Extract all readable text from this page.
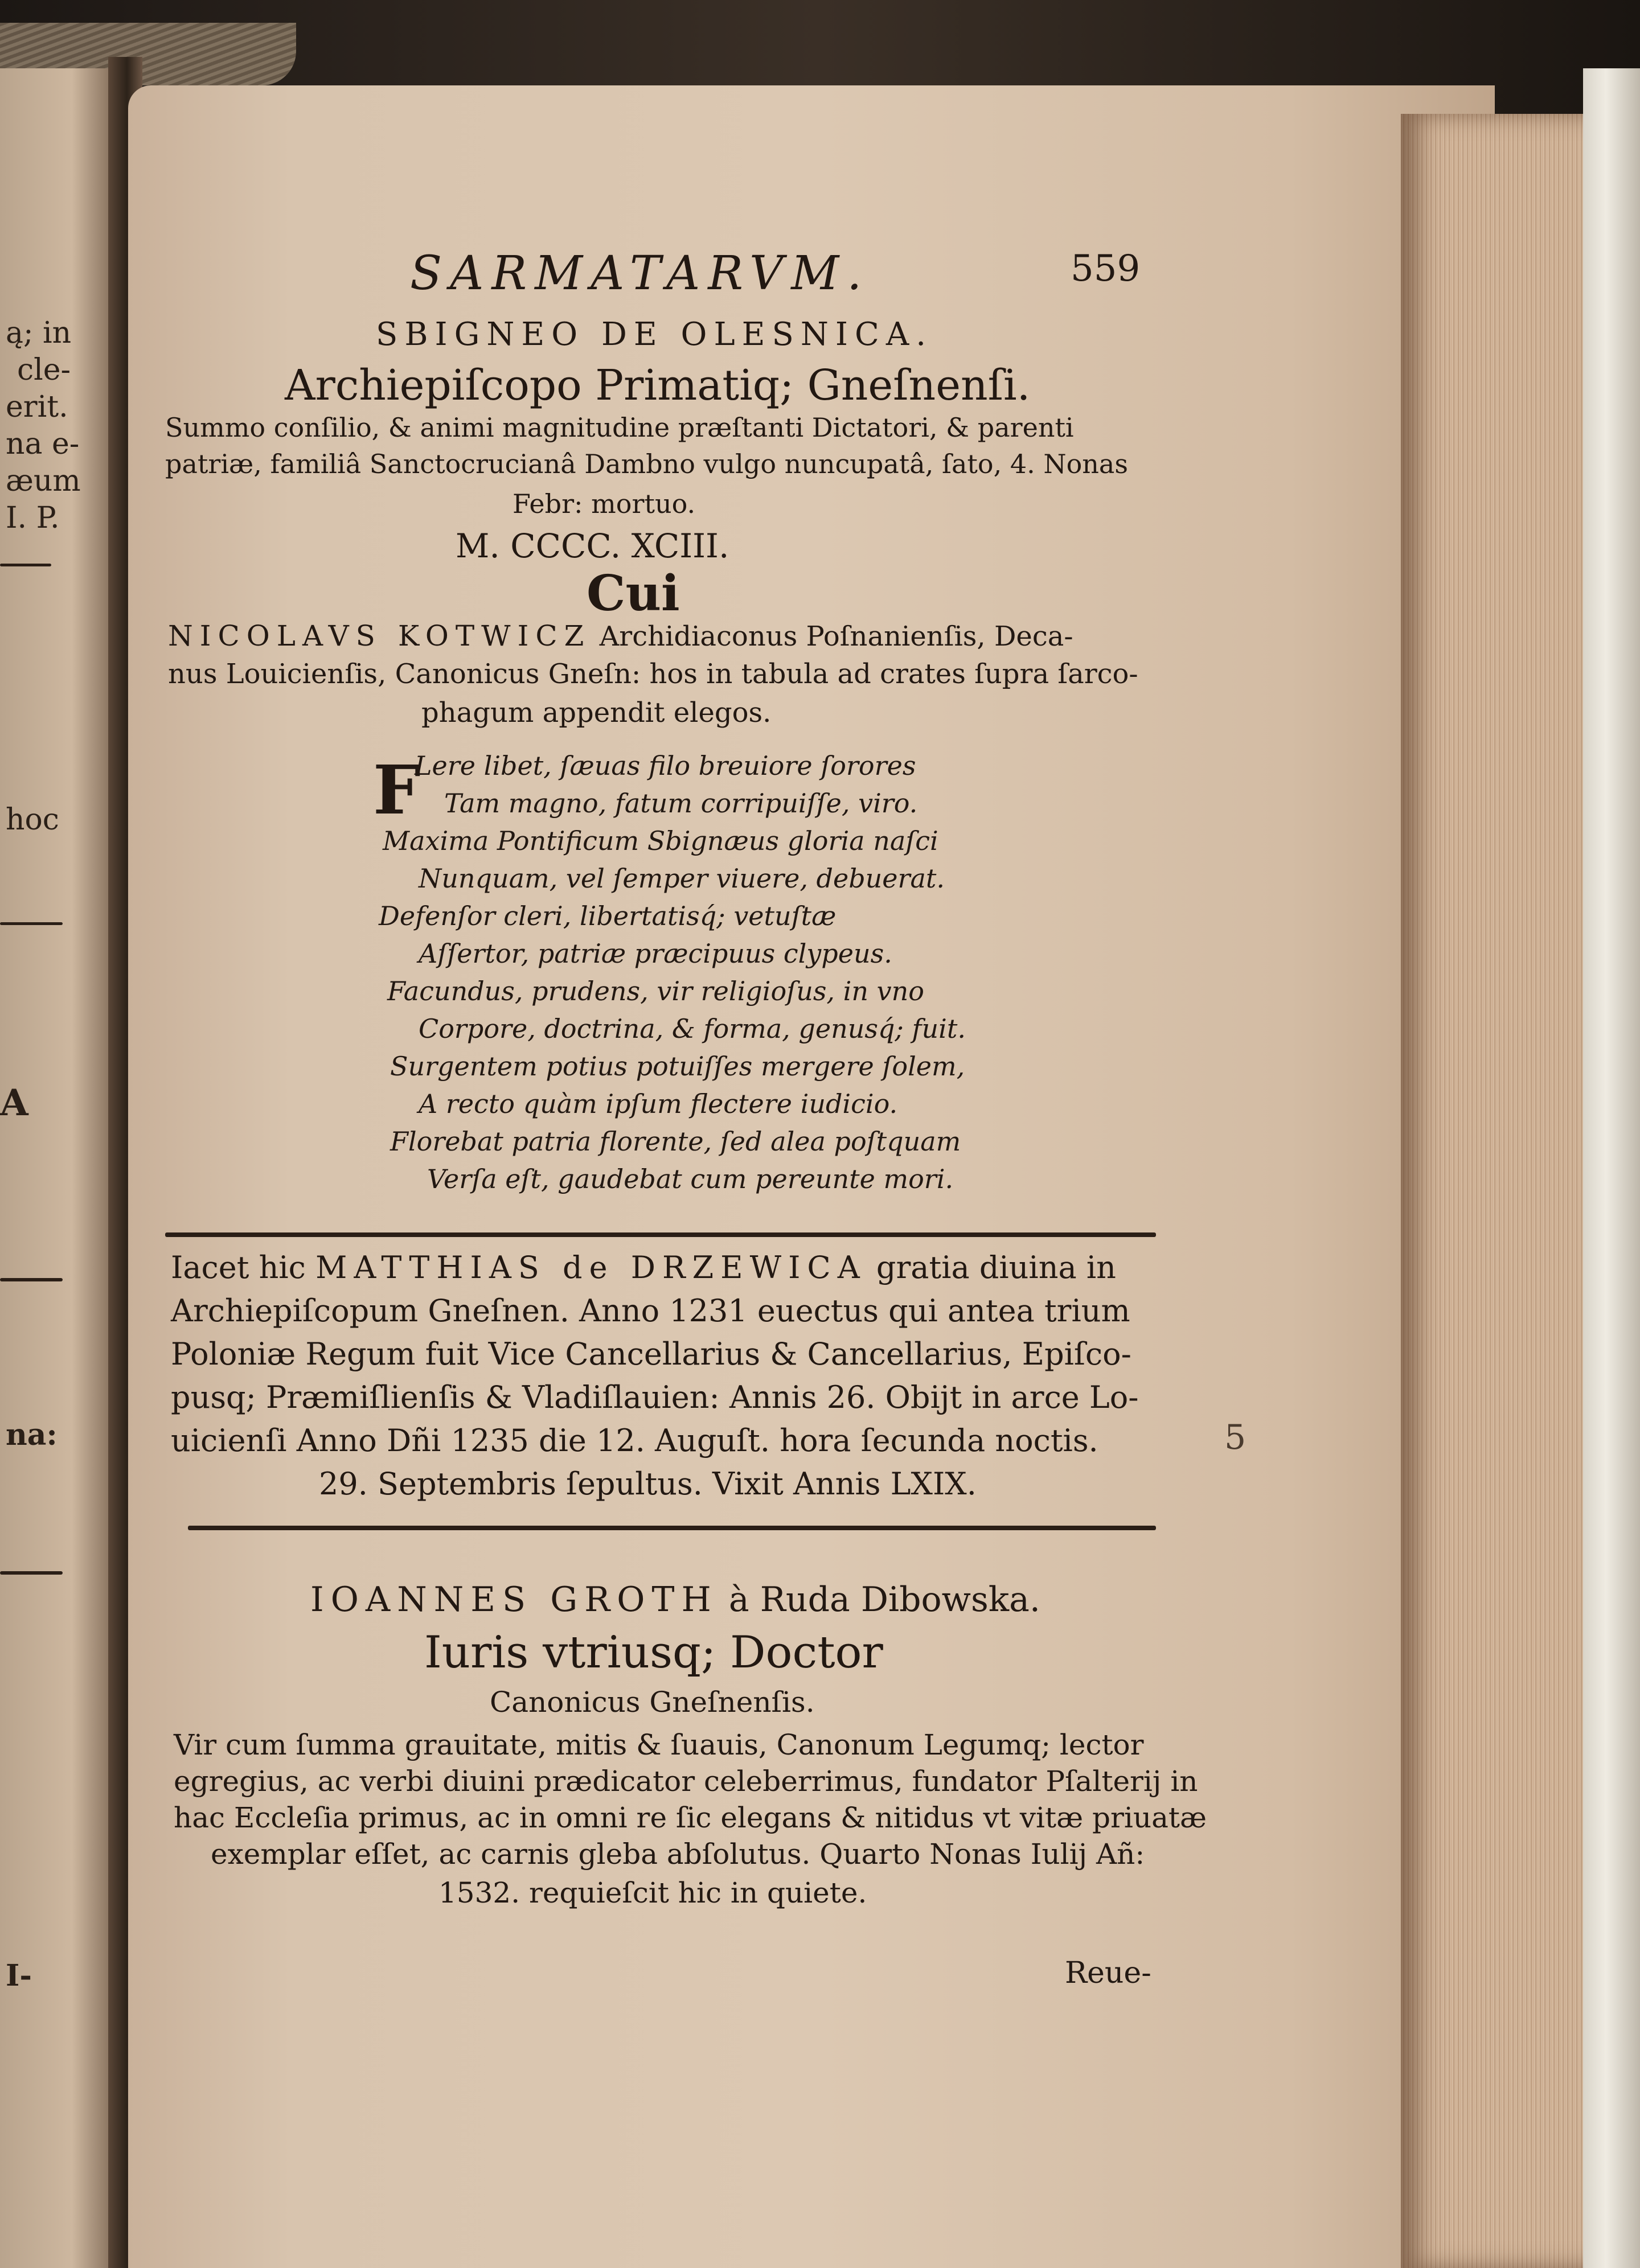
ą; in
cle-
erit.
na e-
æum
I. P.
hoc
A
na:
I-
SARMATARVM.	559
SBIGNEO DE OLESNICA.
Archiepiſcopo Primatiq; Gneſnenſi.
Summo conſilio, & animi magnitudine præſtanti Dictatori, & parenti
patriæ, familiâ Sanctocrucianâ Dambno vulgo nuncupatâ, ſato, 4. Nonas
Febr: mortuo.
M. CCCC. XCIII.
Cui
NICOLAVS KOTWICZ Archidiaconus Poſnanienſis, Deca-
nus Louicienſis, Canonicus Gneſn: hos in tabula ad crates ſupra ſarco-
phagum appendit elegos.
F
Lere libet, ſæuas filo breuiore ſorores
Tam magno, fatum corripuiſſe, viro.
Maxima Pontificum Sbignæus gloria naſci
Nunquam, vel ſemper viuere, debuerat.
Defenſor cleri, libertatisq́; vetuſtæ
Aſſertor, patriæ præcipuus clypeus.
Facundus, prudens, vir religioſus, in vno
Corpore, doctrina, & forma, genusq́; fuit.
Surgentem potius potuiſſes mergere ſolem,
A recto quàm ipſum flectere iudicio.
Florebat patria florente, ſed alea poſtquam
Verſa eſt, gaudebat cum pereunte mori.
Iacet hic MATTHIAS de DRZEWICA gratia diuina in
Archiepiſcopum Gneſnen. Anno 1231 euectus qui antea trium
Poloniæ Regum fuit Vice Cancellarius & Cancellarius, Epiſco-
pusq; Præmiſlienſis & Vladiſlauien: Annis 26. Obijt in arce Lo-
uicienſi Anno Dñi 1235 die 12. Auguſt. hora ſecunda noctis.
29. Septembris ſepultus. Vixit Annis LXIX.
IOANNES GROTH à Ruda Dibowska.
Iuris vtriusq; Doctor
Canonicus Gneſnenſis.
Vir cum ſumma grauitate, mitis & ſuauis, Canonum Legumq; lector
egregius, ac verbi diuini prædicator celeberrimus, fundator Pſalterij in
hac Eccleſia primus, ac in omni re ſic elegans & nitidus vt vitæ priuatæ
exemplar eſſet, ac carnis gleba abſolutus. Quarto Nonas Iulij Añ:
1532. requieſcit hic in quiete.
Reue-
5
